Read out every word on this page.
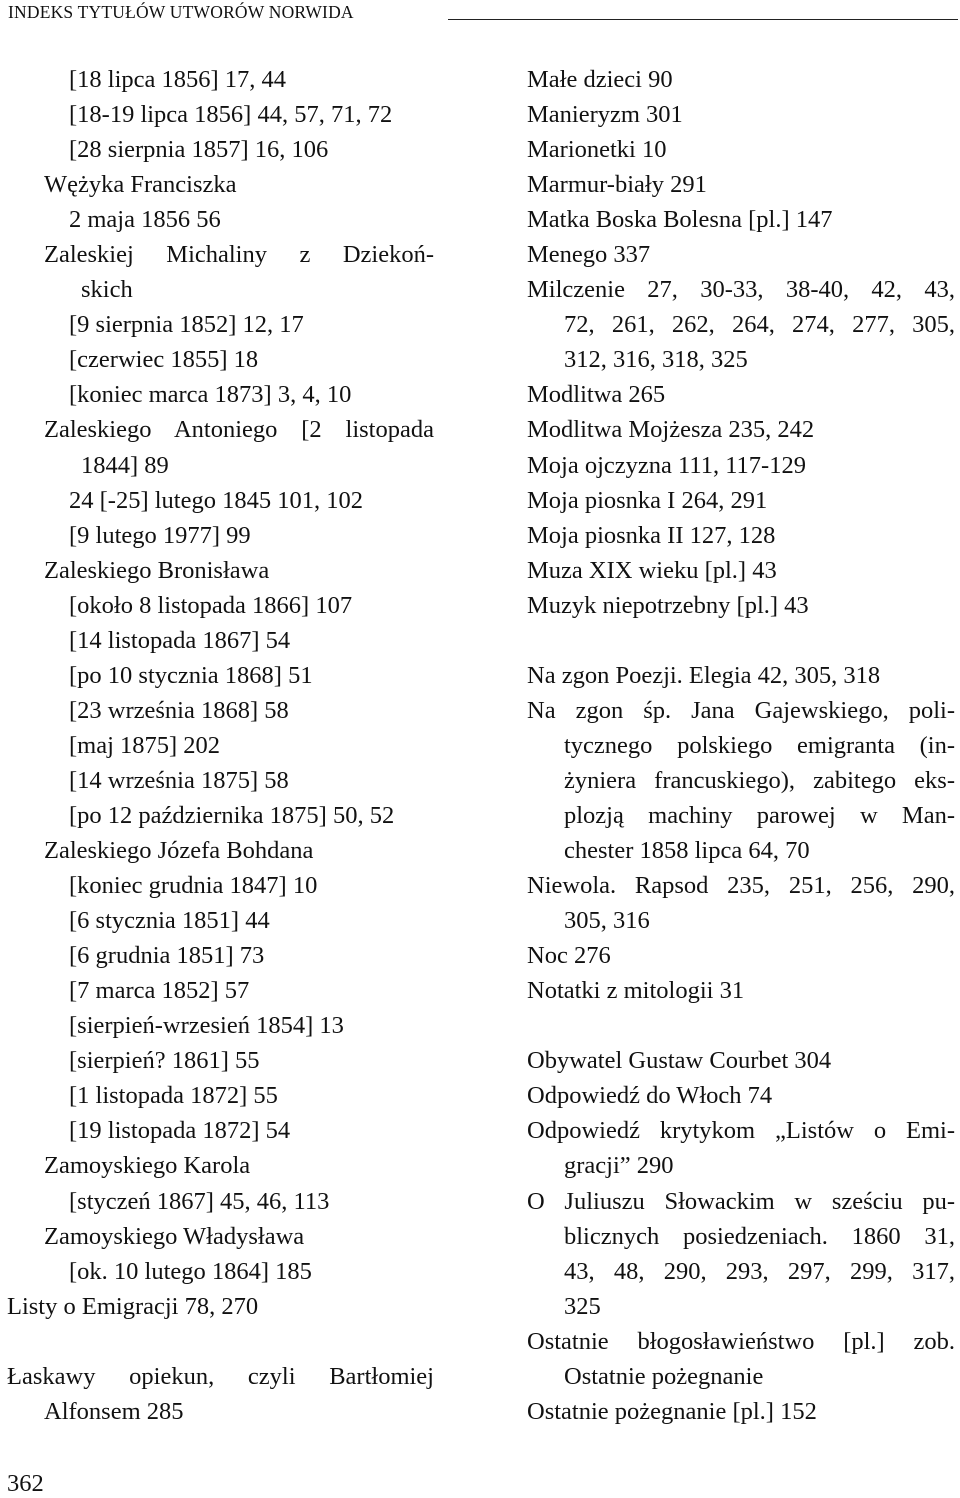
INDEKS TYTUŁÓW UTWORÓW NORWIDA
[18 lipca 1856] 17, 44
[18-19 lipca 1856] 44, 57, 71, 72
[28 sierpnia 1857] 16, 106
Wężyka Franciszka
2 maja 1856 56
Zaleskiej Michaliny z Dziekoń-
skich
[9 sierpnia 1852] 12, 17
[czerwiec 1855] 18
[koniec marca 1873] 3, 4, 10
Zaleskiego Antoniego [2 listopada
1844] 89
24 [-25] lutego 1845 101, 102
[9 lutego 1977] 99
Zaleskiego Bronisława
[około 8 listopada 1866] 107
[14 listopada 1867] 54
[po 10 stycznia 1868] 51
[23 września 1868] 58
[maj 1875] 202
[14 września 1875] 58
[po 12 października 1875] 50, 52
Zaleskiego Józefa Bohdana
[koniec grudnia 1847] 10
[6 stycznia 1851] 44
[6 grudnia 1851] 73
[7 marca 1852] 57
[sierpień-wrzesień 1854] 13
[sierpień? 1861] 55
[1 listopada 1872] 55
[19 listopada 1872] 54
Zamoyskiego Karola
[styczeń 1867] 45, 46, 113
Zamoyskiego Władysława
[ok. 10 lutego 1864] 185
Listy o Emigracji 78, 270
Łaskawy opiekun, czyli Bartłomiej
Alfonsem 285
Małe dzieci 90
Manieryzm 301
Marionetki 10
Marmur-biały 291
Matka Boska Bolesna [pl.] 147
Menego 337
Milczenie 27, 30-33, 38-40, 42, 43,
72, 261, 262, 264, 274, 277, 305,
312, 316, 318, 325
Modlitwa 265
Modlitwa Mojżesza 235, 242
Moja ojczyzna 111, 117-129
Moja piosnka I 264, 291
Moja piosnka II 127, 128
Muza XIX wieku [pl.] 43
Muzyk niepotrzebny [pl.] 43
Na zgon Poezji. Elegia 42, 305, 318
Na zgon śp. Jana Gajewskiego, poli-
tycznego polskiego emigranta (in-
żyniera francuskiego), zabitego eks-
plozją machiny parowej w Man-
chester 1858 lipca 64, 70
Niewola. Rapsod 235, 251, 256, 290,
305, 316
Noc 276
Notatki z mitologii 31
Obywatel Gustaw Courbet 304
Odpowiedź do Włoch 74
Odpowiedź krytykom „Listów o Emi-
gracji” 290
O Juliuszu Słowackim w sześciu pu-
blicznych posiedzeniach. 1860 31,
43, 48, 290, 293, 297, 299, 317,
325
Ostatnie błogosławieństwo [pl.] zob.
Ostatnie pożegnanie
Ostatnie pożegnanie [pl.] 152
362
